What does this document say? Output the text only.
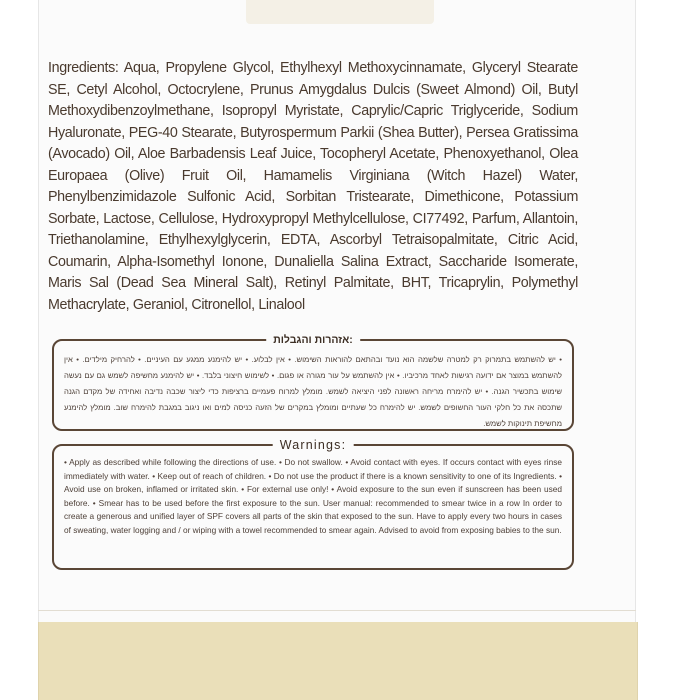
Ingredients: Aqua, Propylene Glycol, Ethylhexyl Methoxycinnamate, Glyceryl Stearate SE, Cetyl Alcohol, Octocrylene, Prunus Amygdalus Dulcis (Sweet Almond) Oil, Butyl Methoxydibenzoylmethane, Isopropyl Myristate, Caprylic/Capric Triglyceride, Sodium Hyaluronate, PEG-40 Stearate, Butyrospermum Parkii (Shea Butter), Persea Gratissima (Avocado) Oil, Aloe Barbadensis Leaf Juice, Tocopheryl Acetate, Phenoxyethanol, Olea Europaea (Olive) Fruit Oil, Hamamelis Virginiana (Witch Hazel) Water, Phenylbenzimidazole Sulfonic Acid, Sorbitan Tristearate, Dimethicone, Potassium Sorbate, Lactose, Cellulose, Hydroxypropyl Methylcellulose, CI77492, Parfum, Allantoin, Triethanolamine, Ethylhexylglycerin, EDTA, Ascorbyl Tetraisopalmitate, Citric Acid, Coumarin, Alpha-Isomethyl Ionone, Dunaliella Salina Extract, Saccharide Isomerate, Maris Sal (Dead Sea Mineral Salt), Retinyl Palmitate, BHT, Tricaprylin, Polymethyl Methacrylate, Geraniol, Citronellol, Linalool

אזהרות והגבלות:

• יש להשתמש בתמרוק רק למטרה שלשמה הוא נועד ובהתאם להוראות השימוש. • אין לבלוע. • יש להימנע ממגע עם העיניים. • להרחיק מילדים. • אין להשתמש במוצר אם ידועה רגישות לאחד מרכיביו. • אין להשתמש על עור מגורה או פגום. • לשימוש חיצוני בלבד. • יש להימנע מחשיפה לשמש גם עם נעשה שימוש בתכשיר הגנה. • יש להימרח מריחה ראשונה לפני היציאה לשמש. מומלץ למרוח פעמיים ברציפות כדי ליצור שכבה נדיבה ואחידה של מקדם הגנה שתכסה את כל חלקי העור החשופים לשמש. יש להימרח כל שעתיים ומומלץ במקרים של הזעה כניסה למים ואו ניגוב במגבת להימרח שוב. מומלץ להימנע מחשיפת תינוקות לשמש.

Warnings:

• Apply as described while following the directions of use. • Do not swallow. • Avoid contact with eyes. If occurs contact with eyes rinse immediately with water. • Keep out of reach of children. • Do not use the product if there is a known sensitivity to one of its Ingredients. • Avoid use on broken, inflamed or irritated skin. • For external use only! • Avoid exposure to the sun even if sunscreen has been used before. • Smear has to be used before the first exposure to the sun. User manual: recommended to smear twice in a row In order to create a generous and unified layer of SPF covers all parts of the skin that exposed to the sun. Have to apply every two hours in cases of sweating, water logging and / or wiping with a towel recommended to smear again. Advised to avoid from exposing babies to the sun.
